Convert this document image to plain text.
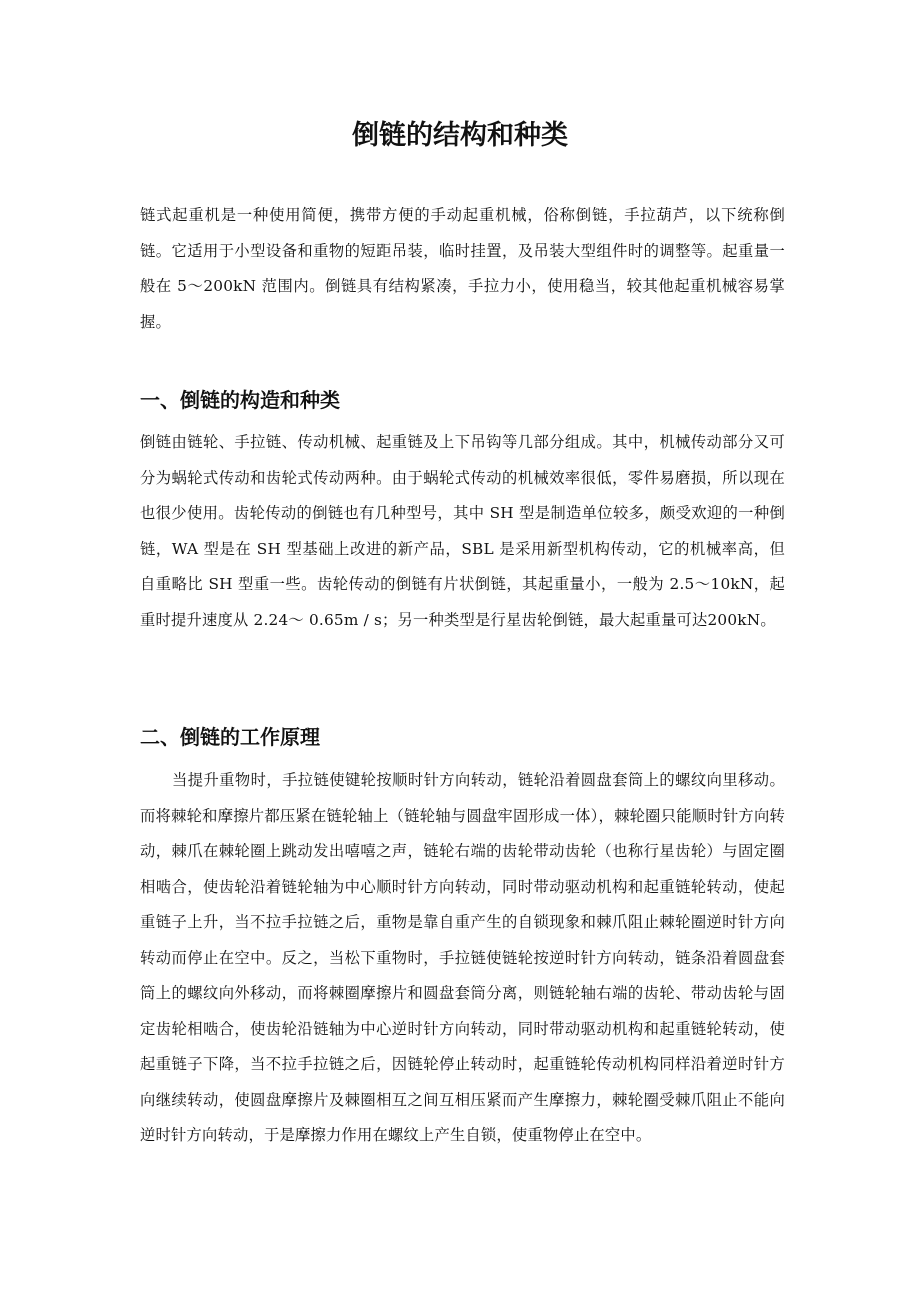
倒链的结构和种类

链式起重机是一种使用简便，携带方便的手动起重机械，俗称倒链，手拉葫芦，以下统称倒链。它适用于小型设备和重物的短距吊装，临时挂置，及吊装大型组件时的调整等。起重量一般在 5～200kN 范围内。倒链具有结构紧凑，手拉力小，使用稳当，较其他起重机械容易掌握。

一、倒链的构造和种类

倒链由链轮、手拉链、传动机械、起重链及上下吊钩等几部分组成。其中，机械传动部分又可分为蜗轮式传动和齿轮式传动两种。由于蜗轮式传动的机械效率很低，零件易磨损，所以现在也很少使用。齿轮传动的倒链也有几种型号，其中 SH 型是制造单位较多，颇受欢迎的一种倒链，WA 型是在 SH 型基础上改进的新产品，SBL 是采用新型机构传动，它的机械率高，但自重略比 SH 型重一些。齿轮传动的倒链有片状倒链，其起重量小，一般为 2.5～10kN，起重时提升速度从 2.24～ 0.65m / s；另一种类型是行星齿轮倒链，最大起重量可达200kN。

二、倒链的工作原理

当提升重物时，手拉链使键轮按顺时针方向转动，链轮沿着圆盘套筒上的螺纹向里移动。而将棘轮和摩擦片都压紧在链轮轴上（链轮轴与圆盘牢固形成一体），棘轮圈只能顺时针方向转动，棘爪在棘轮圈上跳动发出嘻嘻之声，链轮右端的齿轮带动齿轮（也称行星齿轮）与固定圈相啮合，使齿轮沿着链轮轴为中心顺时针方向转动，同时带动驱动机构和起重链轮转动，使起重链子上升，当不拉手拉链之后，重物是靠自重产生的自锁现象和棘爪阻止棘轮圈逆时针方向转动而停止在空中。反之，当松下重物时，手拉链使链轮按逆时针方向转动，链条沿着圆盘套筒上的螺纹向外移动，而将棘圈摩擦片和圆盘套筒分离，则链轮轴右端的齿轮、带动齿轮与固定齿轮相啮合，使齿轮沿链轴为中心逆时针方向转动，同时带动驱动机构和起重链轮转动，使起重链子下降，当不拉手拉链之后，因链轮停止转动时，起重链轮传动机构同样沿着逆时针方向继续转动，使圆盘摩擦片及棘圈相互之间互相压紧而产生摩擦力，棘轮圈受棘爪阻止不能向逆时针方向转动，于是摩擦力作用在螺纹上产生自锁，使重物停止在空中。
